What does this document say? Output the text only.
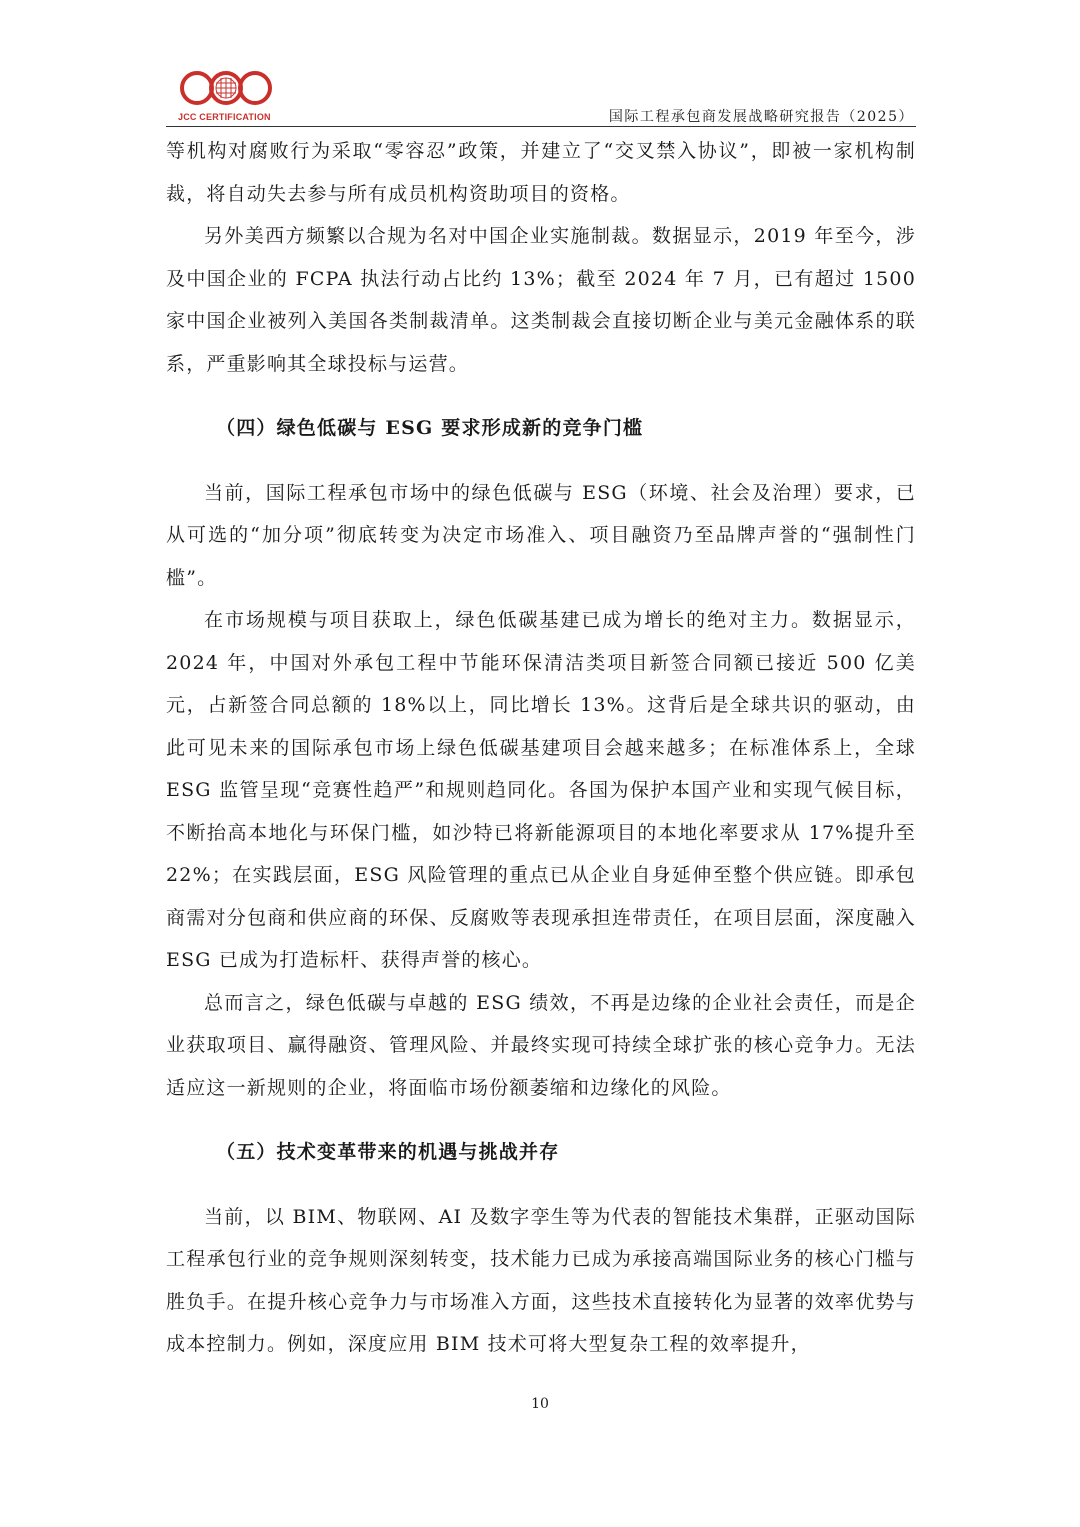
JCC CERTIFICATION	国际工程承包商发展战略研究报告（2025）

等机构对腐败行为采取“零容忍”政策，并建立了“交叉禁入协议”，即被一家机构制裁，将自动失去参与所有成员机构资助项目的资格。

另外美西方频繁以合规为名对中国企业实施制裁。数据显示，2019 年至今，涉及中国企业的 FCPA 执法行动占比约 13%；截至 2024 年 7 月，已有超过 1500 家中国企业被列入美国各类制裁清单。这类制裁会直接切断企业与美元金融体系的联系，严重影响其全球投标与运营。

（四）绿色低碳与 ESG 要求形成新的竞争门槛

当前，国际工程承包市场中的绿色低碳与 ESG（环境、社会及治理）要求，已从可选的“加分项”彻底转变为决定市场准入、项目融资乃至品牌声誉的“强制性门槛”。

在市场规模与项目获取上，绿色低碳基建已成为增长的绝对主力。数据显示，2024 年，中国对外承包工程中节能环保清洁类项目新签合同额已接近 500 亿美元，占新签合同总额的 18%以上，同比增长 13%。这背后是全球共识的驱动，由此可见未来的国际承包市场上绿色低碳基建项目会越来越多；在标准体系上，全球 ESG 监管呈现“竞赛性趋严”和规则趋同化。各国为保护本国产业和实现气候目标，不断抬高本地化与环保门槛，如沙特已将新能源项目的本地化率要求从 17%提升至 22%；在实践层面，ESG 风险管理的重点已从企业自身延伸至整个供应链。即承包商需对分包商和供应商的环保、反腐败等表现承担连带责任，在项目层面，深度融入 ESG 已成为打造标杆、获得声誉的核心。

总而言之，绿色低碳与卓越的 ESG 绩效，不再是边缘的企业社会责任，而是企业获取项目、赢得融资、管理风险、并最终实现可持续全球扩张的核心竞争力。无法适应这一新规则的企业，将面临市场份额萎缩和边缘化的风险。

（五）技术变革带来的机遇与挑战并存

当前，以 BIM、物联网、AI 及数字孪生等为代表的智能技术集群，正驱动国际工程承包行业的竞争规则深刻转变，技术能力已成为承接高端国际业务的核心门槛与胜负手。在提升核心竞争力与市场准入方面，这些技术直接转化为显著的效率优势与成本控制力。例如，深度应用 BIM 技术可将大型复杂工程的效率提升，

10
